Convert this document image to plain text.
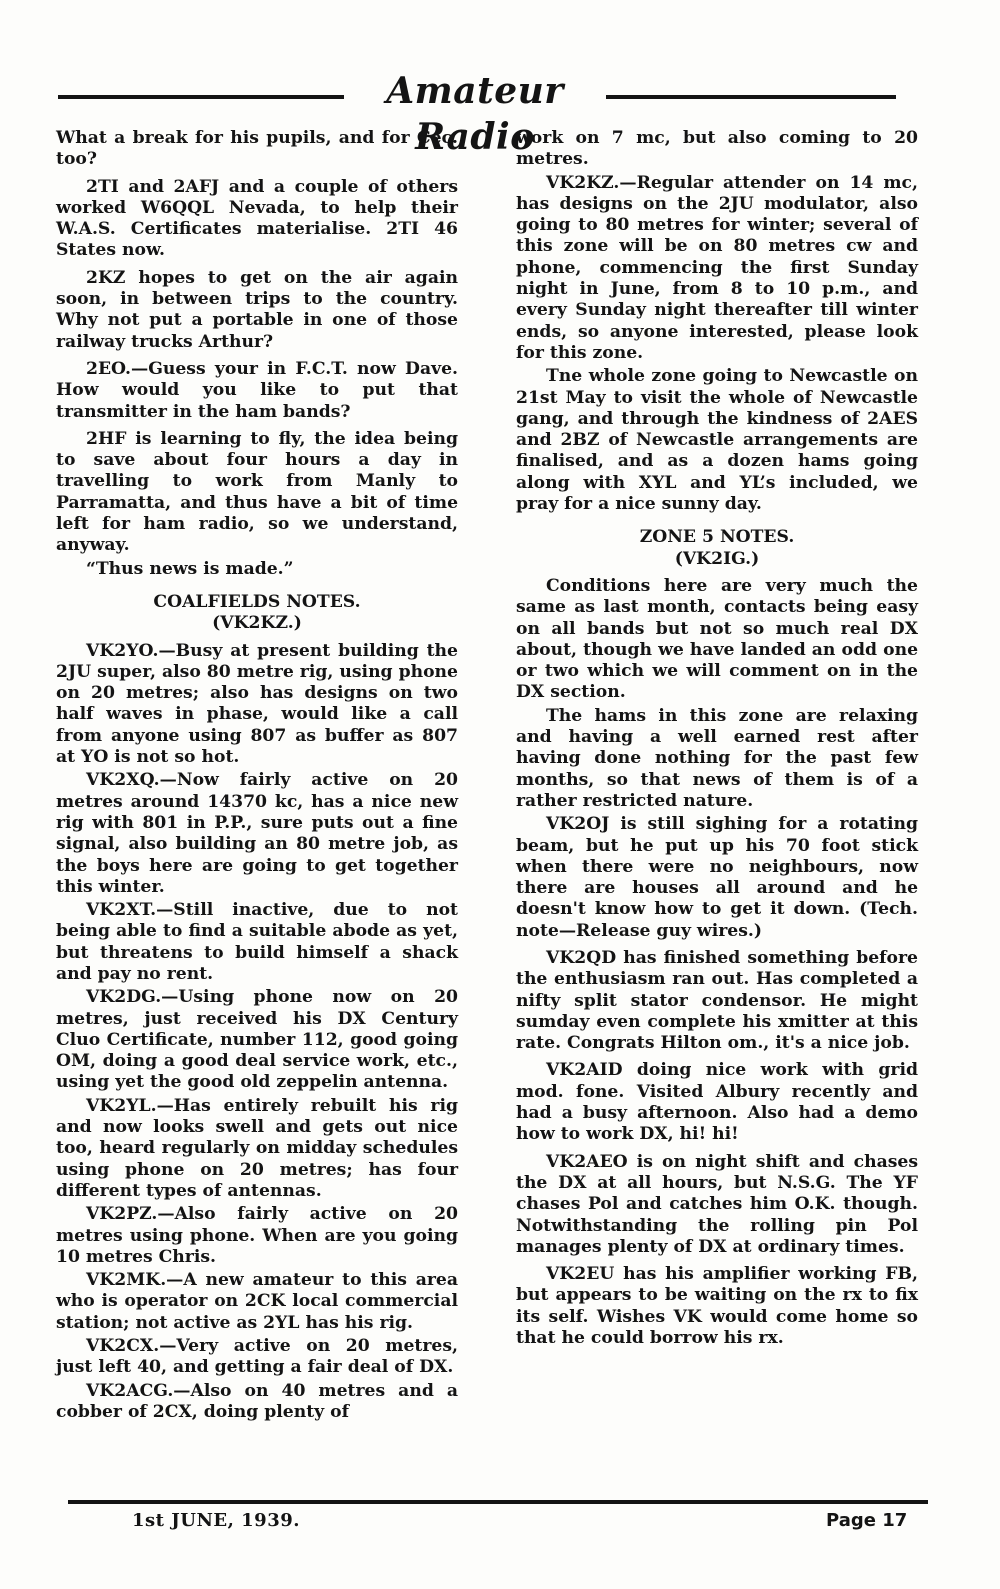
Amateur Radio

What a break for his pupils, and for Cec. too?

2TI and 2AFJ and a couple of others worked W6QQL Nevada, to help their W.A.S. Certificates materialise. 2TI 46 States now.

2KZ hopes to get on the air again soon, in between trips to the country. Why not put a portable in one of those railway trucks Arthur?

2EO.—Guess your in F.C.T. now Dave. How would you like to put that transmitter in the ham bands?

2HF is learning to fly, the idea being to save about four hours a day in travelling to work from Manly to Parramatta, and thus have a bit of time left for ham radio, so we understand, anyway.

“Thus news is made.”

COALFIELDS NOTES.

(VK2KZ.)

VK2YO.—Busy at present building the 2JU super, also 80 metre rig, using phone on 20 metres; also has designs on two half waves in phase, would like a call from anyone using 807 as buffer as 807 at YO is not so hot.

VK2XQ.—Now fairly active on 20 metres around 14370 kc, has a nice new rig with 801 in P.P., sure puts out a fine signal, also building an 80 metre job, as the boys here are going to get together this winter.

VK2XT.—Still inactive, due to not being able to find a suitable abode as yet, but threatens to build himself a shack and pay no rent.

VK2DG.—Using phone now on 20 metres, just received his DX Century Cluo Certificate, number 112, good going OM, doing a good deal service work, etc., using yet the good old zeppelin antenna.

VK2YL.—Has entirely rebuilt his rig and now looks swell and gets out nice too, heard regularly on midday schedules using phone on 20 metres; has four different types of antennas.

VK2PZ.—Also fairly active on 20 metres using phone. When are you going 10 metres Chris.

VK2MK.—A new amateur to this area who is operator on 2CK local commercial station; not active as 2YL has his rig.

VK2CX.—Very active on 20 metres, just left 40, and getting a fair deal of DX.

VK2ACG.—Also on 40 metres and a cobber of 2CX, doing plenty of

work on 7 mc, but also coming to 20 metres.

VK2KZ.—Regular attender on 14 mc, has designs on the 2JU modulator, also going to 80 metres for winter; several of this zone will be on 80 metres cw and phone, commencing the first Sunday night in June, from 8 to 10 p.m., and every Sunday night thereafter till winter ends, so anyone interested, please look for this zone.

Tne whole zone going to Newcastle on 21st May to visit the whole of Newcastle gang, and through the kindness of 2AES and 2BZ of Newcastle arrangements are finalised, and as a dozen hams going along with XYL and YL’s included, we pray for a nice sunny day.

ZONE 5 NOTES.

(VK2IG.)

Conditions here are very much the same as last month, contacts being easy on all bands but not so much real DX about, though we have landed an odd one or two which we will comment on in the DX section.

The hams in this zone are relaxing and having a well earned rest after having done nothing for the past few months, so that news of them is of a rather restricted nature.

VK2OJ is still sighing for a rotating beam, but he put up his 70 foot stick when there were no neighbours, now there are houses all around and he doesn't know how to get it down. (Tech. note—Release guy wires.)

VK2QD has finished something before the enthusiasm ran out. Has completed a nifty split stator condensor. He might sumday even complete his xmitter at this rate. Congrats Hilton om., it's a nice job.

VK2AID doing nice work with grid mod. fone. Visited Albury recently and had a busy afternoon. Also had a demo how to work DX, hi! hi!

VK2AEO is on night shift and chases the DX at all hours, but N.S.G. The YF chases Pol and catches him O.K. though. Notwithstanding the rolling pin Pol manages plenty of DX at ordinary times.

VK2EU has his amplifier working FB, but appears to be waiting on the rx to fix its self. Wishes VK would come home so that he could borrow his rx.

1st JUNE, 1939.	Page 17
